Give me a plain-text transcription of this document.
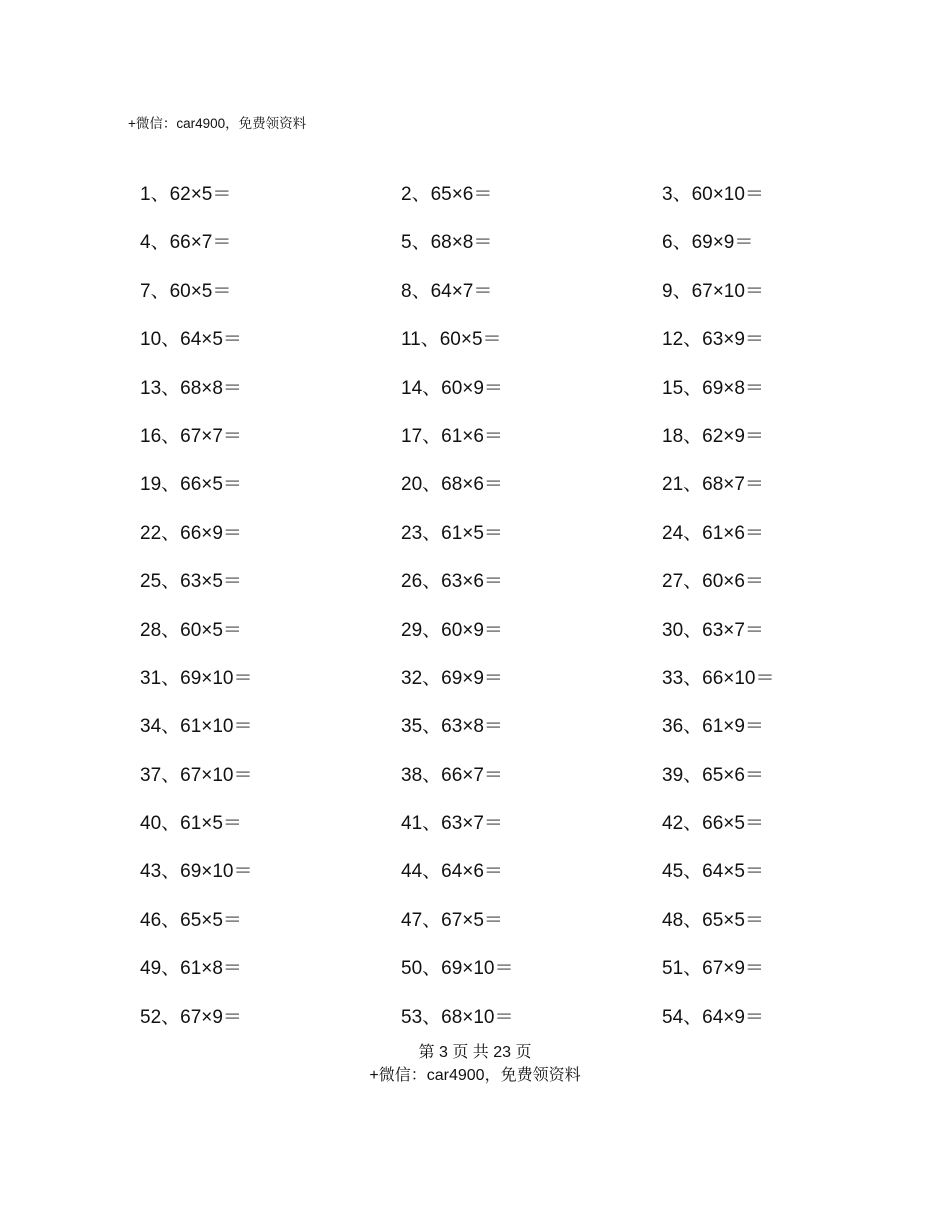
+微信：car4900，免费领资料
1、62×5＝	2、65×6＝	3、60×10＝
4、66×7＝	5、68×8＝	6、69×9＝
7、60×5＝	8、64×7＝	9、67×10＝
10、64×5＝	11、60×5＝	12、63×9＝
13、68×8＝	14、60×9＝	15、69×8＝
16、67×7＝	17、61×6＝	18、62×9＝
19、66×5＝	20、68×6＝	21、68×7＝
22、66×9＝	23、61×5＝	24、61×6＝
25、63×5＝	26、63×6＝	27、60×6＝
28、60×5＝	29、60×9＝	30、63×7＝
31、69×10＝	32、69×9＝	33、66×10＝
34、61×10＝	35、63×8＝	36、61×9＝
37、67×10＝	38、66×7＝	39、65×6＝
40、61×5＝	41、63×7＝	42、66×5＝
43、69×10＝	44、64×6＝	45、64×5＝
46、65×5＝	47、67×5＝	48、65×5＝
49、61×8＝	50、69×10＝	51、67×9＝
52、67×9＝	53、68×10＝	54、64×9＝
第 3 页 共 23 页
+微信：car4900，免费领资料
